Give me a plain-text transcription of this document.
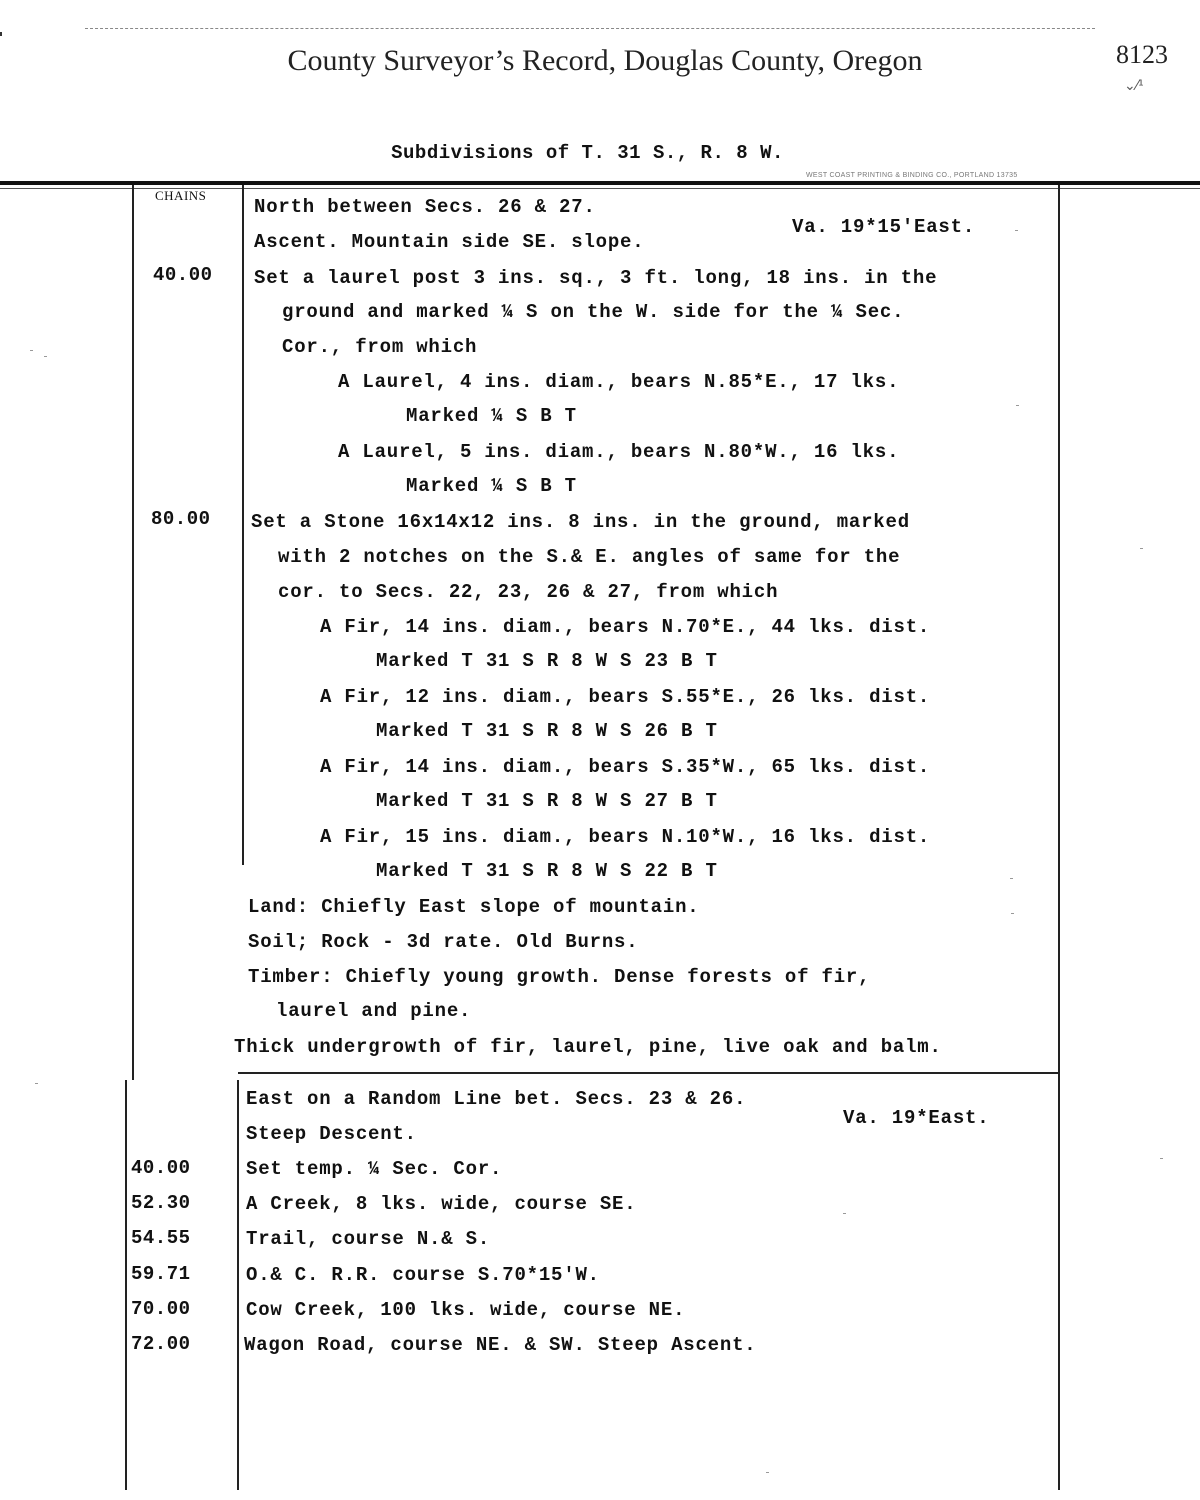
County Surveyor’s Record, Douglas County, Oregon	8123
⌄⁄¹
Subdivisions of T. 31 S., R. 8 W.
WEST COAST PRINTING & BINDING CO., PORTLAND 13735
CHAINS
North between Secs. 26 & 27.
Va. 19*15'East.
Ascent. Mountain side SE. slope.
40.00 Set a laurel post 3 ins. sq., 3 ft. long, 18 ins. in the
ground and marked ¼ S on the W. side for the ¼ Sec.
Cor., from which
A Laurel, 4 ins. diam., bears N.85*E., 17 lks.
Marked ¼ S B T
A Laurel, 5 ins. diam., bears N.80*W., 16 lks.
Marked ¼ S B T
80.00 Set a Stone 16x14x12 ins. 8 ins. in the ground, marked
with 2 notches on the S.& E. angles of same for the
cor. to Secs. 22, 23, 26 & 27, from which
A Fir, 14 ins. diam., bears N.70*E., 44 lks. dist.
Marked T 31 S R 8 W S 23 B T
A Fir, 12 ins. diam., bears S.55*E., 26 lks. dist.
Marked T 31 S R 8 W S 26 B T
A Fir, 14 ins. diam., bears S.35*W., 65 lks. dist.
Marked T 31 S R 8 W S 27 B T
A Fir, 15 ins. diam., bears N.10*W., 16 lks. dist.
Marked T 31 S R 8 W S 22 B T
Land: Chiefly East slope of mountain.
Soil; Rock - 3d rate. Old Burns.
Timber: Chiefly young growth. Dense forests of fir,
laurel and pine.
Thick undergrowth of fir, laurel, pine, live oak and balm.
East on a Random Line bet. Secs. 23 & 26.
Va. 19*East.
Steep Descent.
40.00	Set temp. ¼ Sec. Cor.
52.30	A Creek, 8 lks. wide, course SE.
54.55	Trail, course N.& S.
59.71	O.& C. R.R. course S.70*15'W.
70.00	Cow Creek, 100 lks. wide, course NE.
72.00	Wagon Road, course NE. & SW. Steep Ascent.
